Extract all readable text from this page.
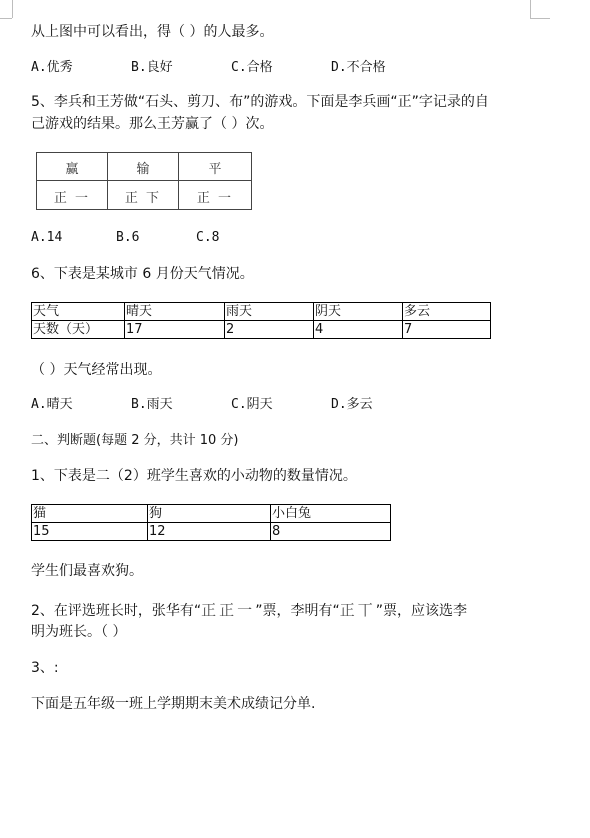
从上图中可以看出，得（ ）的人最多。
A.优秀	B.良好	C.合格	D.不合格
5、李兵和王芳做“石头、剪刀、布”的游戏。下面是李兵画“正”字记录的自
己游戏的结果。那么王芳赢了（ ）次。
赢	输	平
正 一	正 下	正 一
A.14	B.6	C.8
6、下表是某城市 6 月份天气情况。
天气	晴天	雨天	阴天	多云
天数（天）	17	2	4	7
（ ）天气经常出现。
A.晴天	B.雨天	C.阴天	D.多云
二、判断题(每题 2 分，共计 10 分)
1、下表是二（2）班学生喜欢的小动物的数量情况。
猫	狗	小白兔
15	12	8
学生们最喜欢狗。
2、在评选班长时，张华有“正正一”票，李明有“正丅”票，应该选李
明为班长。（ ）
3、:
下面是五年级一班上学期期末美术成绩记分单.
